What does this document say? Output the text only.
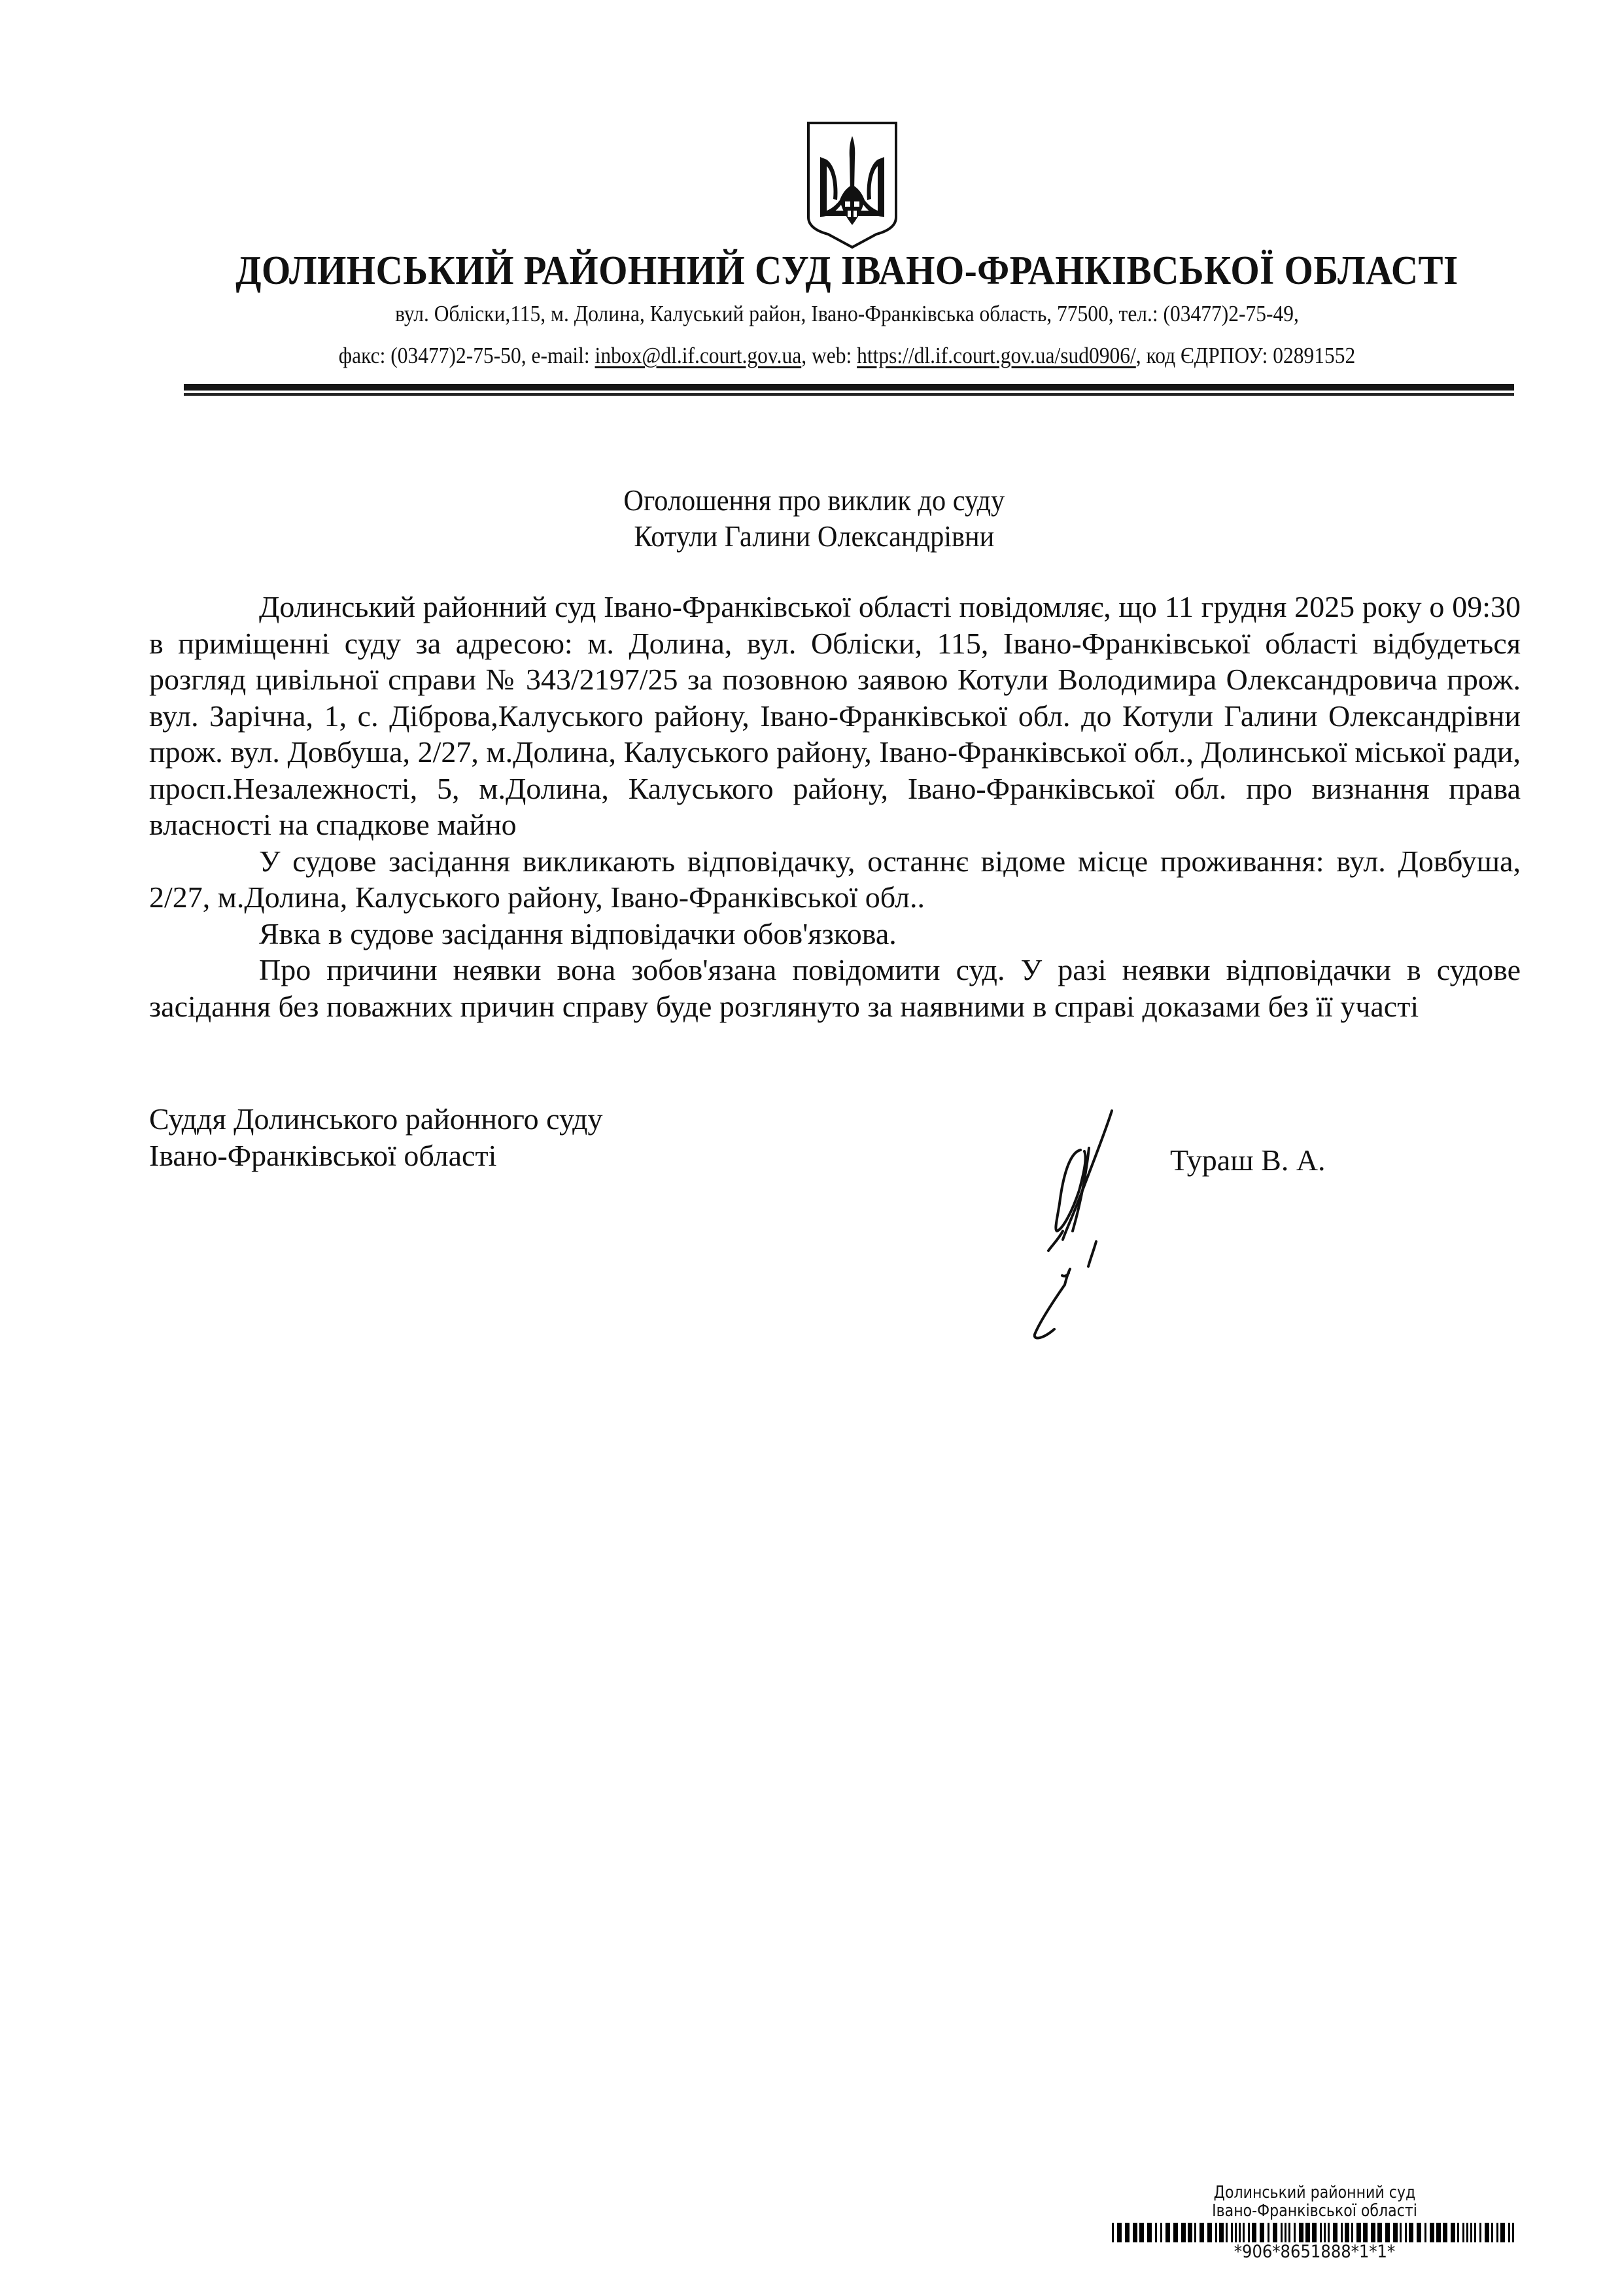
ДОЛИНСЬКИЙ РАЙОННИЙ СУД ІВАНО-ФРАНКІВСЬКОЇ ОБЛАСТІ
вул. Обліски,115, м. Долина, Калуський район, Івано-Франківська область, 77500, тел.: (03477)2-75-49,
факс: (03477)2-75-50, e-mail: inbox@dl.if.court.gov.ua, web: https://dl.if.court.gov.ua/sud0906/, код ЄДРПОУ: 02891552
Оголошення про виклик до суду
Котули Галини Олександрівни

Долинський районний суд Івано-Франківської області повідомляє, що 11 грудня 2025 року о 09:30 в приміщенні суду за адресою: м. Долина, вул. Обліски, 115, Івано-Франківської області відбудеться розгляд цивільної справи № 343/2197/25 за позовною заявою Котули Володимира Олександровича прож. вул. Зарічна, 1, с. Діброва,Калуського району, Івано-Франківської обл. до Котули Галини Олександрівни прож. вул. Довбуша, 2/27, м.Долина, Калуського району, Івано-Франківської обл., Долинської міської ради, просп.Незалежності, 5, м.Долина, Калуського району, Івано-Франківської обл. про визнання права власності на спадкове майно

У судове засідання викликають відповідачку, останнє відоме місце проживання: вул. Довбуша, 2/27, м.Долина, Калуського району, Івано-Франківської обл..

Явка в судове засідання відповідачки обов'язкова.

Про причини неявки вона зобов'язана повідомити суд. У разі неявки відповідачки в судове засідання без поважних причин справу буде розглянуто за наявними в справі доказами без її участі

Суддя Долинського районного суду
Івано-Франківської області	Тураш В. А.
Долинський районний суд
Івано-Франківської області
*906*8651888*1*1*
